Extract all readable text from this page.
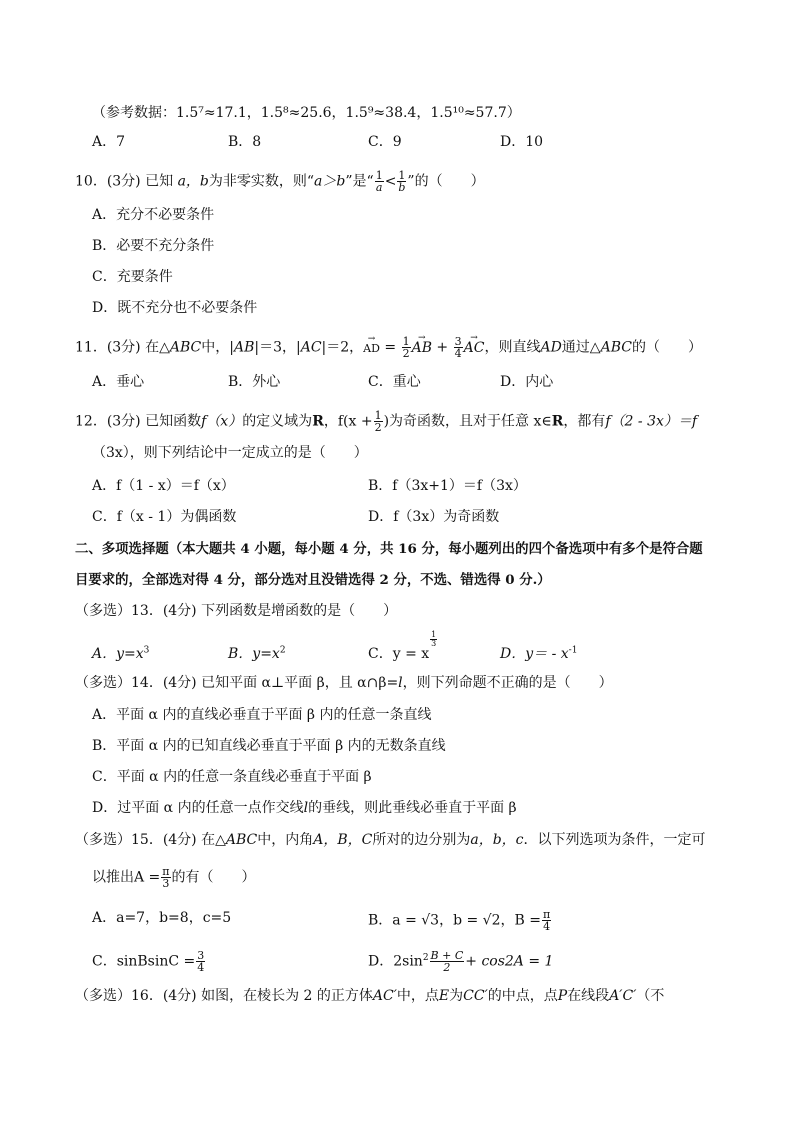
（参考数据：1.5⁷≈17.1，1.5⁸≈25.6，1.5⁹≈38.4，1.5¹⁰≈57.7）
A．7	B．8	C．9	D．10
10．(3分) 已知 a，b为非零实数，则“a＞b”是“ $\frac{1}{a} < \frac{1}{b}$ ”的（　　）
A．充分不必要条件
B．必要不充分条件
C．充要条件
D．既不充分也不必要条件
11．(3分) 在△ABC中，|AB|＝3，|AC|＝2，→ AD = $\frac{1}{2}$ → AB + $\frac{3}{4}$ → AC，则直线AD通过△ABC的（　　）
A．垂心	B．外心	C．重心	D．内心
12．(3分) 已知函数f（x）的定义域为R，$f(x + \frac{1}{2}$ )为奇函数，且对于任意 x∈R，都有f（2 - 3x）＝f
（3x），则下列结论中一定成立的是（　　）
A．f（1 - x）＝f（x）	B．f（3x+1）＝f（3x）
C．f（x - 1）为偶函数	D．f（3x）为奇函数
二、多项选择题（本大题共 4 小题，每小题 4 分，共 16 分，每小题列出的四个备选项中有多个是符合题
目要求的，全部选对得 4 分，部分选对且没错选得 2 分，不选、错选得 0 分.）
（多选）13．(4分) 下列函数是增函数的是（　　）
A．$y=x^3$	B．$y=x^2$	C．y = x
$\frac{1}{3}$
D．$y= - x^{-1}$
（多选）14．(4分) 已知平面 α⊥平面 β，且 α∩β=l，则下列命题不正确的是（　　）
A．平面 α 内的直线必垂直于平面 β 内的任意一条直线
B．平面 α 内的已知直线必垂直于平面 β 内的无数条直线
C．平面 α 内的任意一条直线必垂直于平面 β
D．过平面 α 内的任意一点作交线l的垂线，则此垂线必垂直于平面 β
（多选）15．(4分) 在△ABC中，内角A，B，C所对的边分别为a，b，c．以下列选项为条件，一定可
以推出$A = \frac{\pi}{3}$ 的有（　　）
A．a=7，b=8，c=5	B．a = √3，b = √2，$B = \frac{\pi}{4}$
C．sinBsinC = $\frac{3}{4}$	D．$2\sin^2 \frac{B + C}{2} + \cos 2A = 1$
（多选）16．(4分) 如图，在棱长为 2 的正方体AC′中，点E为CC′的中点，点P在线段A′C′（不
